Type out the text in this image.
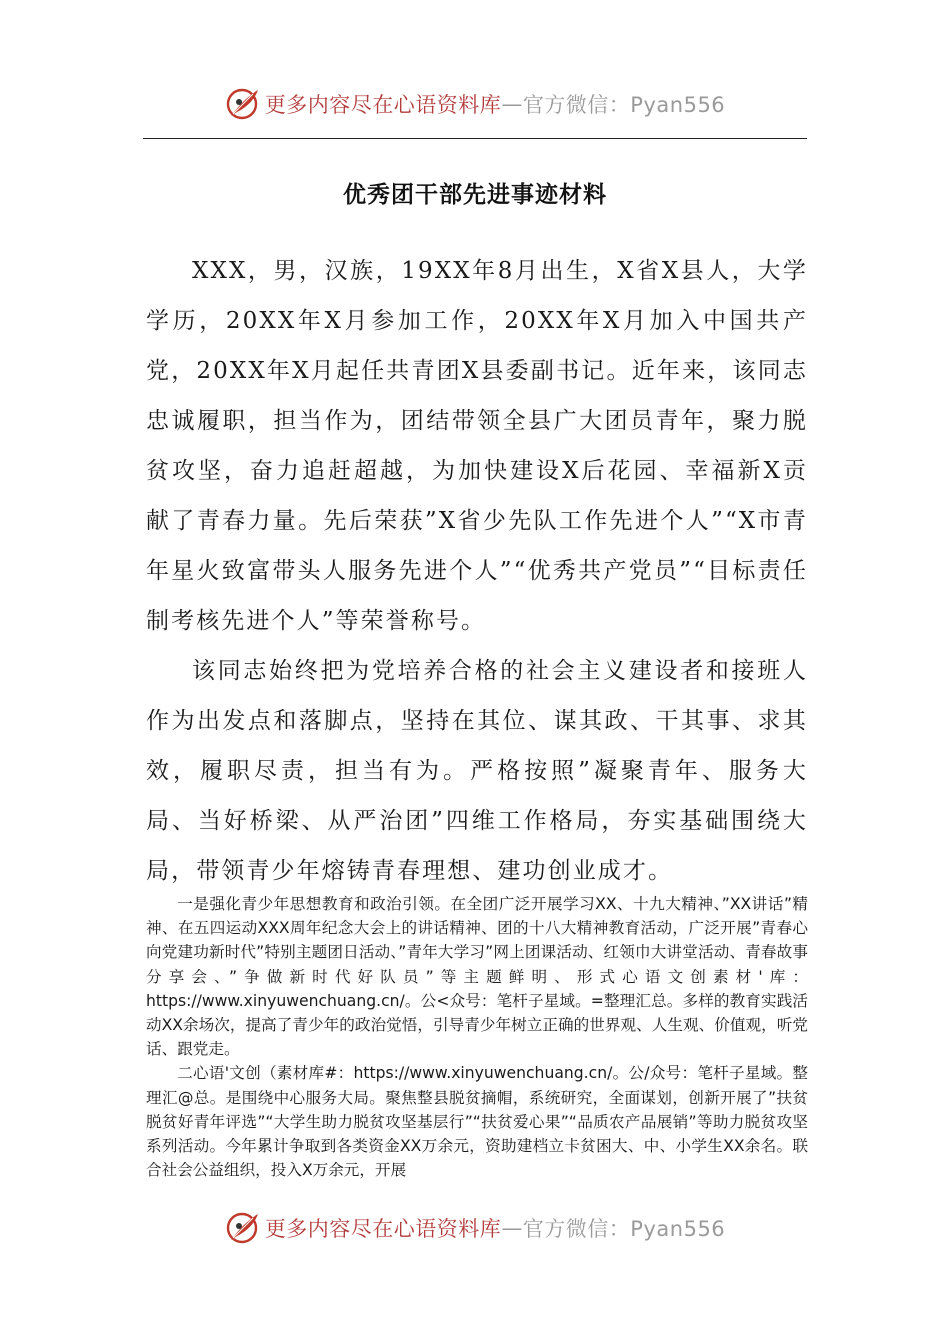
更多内容尽在心语资料库 — 官方微信：Pyan556
优秀团干部先进事迹材料

XXX，男，汉族，19XX年8月出生，X省X县人，大学学历，20XX年X月参加工作，20XX年X月加入中国共产党，20XX年X月起任共青团X县委副书记。近年来，该同志忠诚履职，担当作为，团结带领全县广大团员青年，聚力脱贫攻坚，奋力追赶超越，为加快建设X后花园、幸福新X贡献了青春力量。先后荣获”X省少先队工作先进个人”“X市青年星火致富带头人服务先进个人”“优秀共产党员”“目标责任制考核先进个人”等荣誉称号。

该同志始终把为党培养合格的社会主义建设者和接班人作为出发点和落脚点，坚持在其位、谋其政、干其事、求其效，履职尽责，担当有为。严格按照”凝聚青年、服务大局、当好桥梁、从严治团”四维工作格局，夯实基础围绕大局，带领青少年熔铸青春理想、建功创业成才。

一是强化青少年思想教育和政治引领。在全团广泛开展学习XX、十九大精神、”XX讲话”精神、在五四运动XXX周年纪念大会上的讲话精神、团的十八大精神教育活动，广泛开展”青春心向党建功新时代”特别主题团日活动、”青年大学习”网上团课活动、红领巾大讲堂活动、青春故事分享会、”争做新时代好队员”等主题鲜明、形式心语文创素材'库：https://www.xinyuwenchuang.cn/。公<众号：笔杆子星域。=整理汇总。多样的教育实践活动XX余场次，提高了青少年的政治觉悟，引导青少年树立正确的世界观、人生观、价值观，听党话、跟党走。

二心语'文创（素材库#：https://www.xinyuwenchuang.cn/。公/众号：笔杆子星域。整理汇@总。是围绕中心服务大局。聚焦整县脱贫摘帽，系统研究，全面谋划，创新开展了”扶贫脱贫好青年评选”“大学生助力脱贫攻坚基层行”“扶贫爱心果”“品质农产品展销”等助力脱贫攻坚系列活动。今年累计争取到各类资金XX万余元，资助建档立卡贫困大、中、小学生XX余名。联合社会公益组织，投入X万余元，开展

更多内容尽在心语资料库 — 官方微信：Pyan556
